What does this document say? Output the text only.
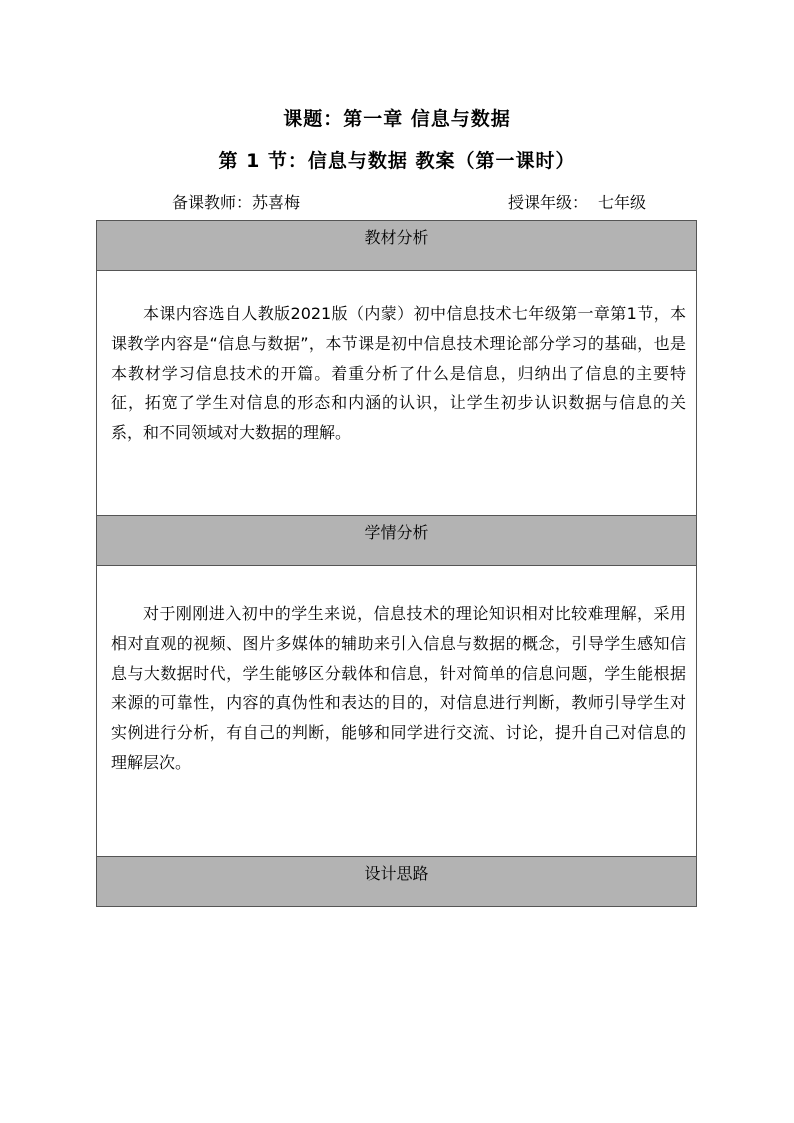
课题：第一章 信息与数据
第 1 节：信息与数据 教案（第一课时）
备课教师：苏喜梅	授课年级： 七年级
教材分析

本课内容选自人教版2021版（内蒙）初中信息技术七年级第一章第1节，本课教学内容是“信息与数据”，本节课是初中信息技术理论部分学习的基础，也是本教材学习信息技术的开篇。着重分析了什么是信息，归纳出了信息的主要特征，拓宽了学生对信息的形态和内涵的认识，让学生初步认识数据与信息的关系，和不同领域对大数据的理解。

学情分析

对于刚刚进入初中的学生来说，信息技术的理论知识相对比较难理解，采用相对直观的视频、图片多媒体的辅助来引入信息与数据的概念，引导学生感知信息与大数据时代，学生能够区分载体和信息，针对简单的信息问题，学生能根据来源的可靠性，内容的真伪性和表达的目的，对信息进行判断，教师引导学生对实例进行分析，有自己的判断，能够和同学进行交流、讨论，提升自己对信息的理解层次。

设计思路
